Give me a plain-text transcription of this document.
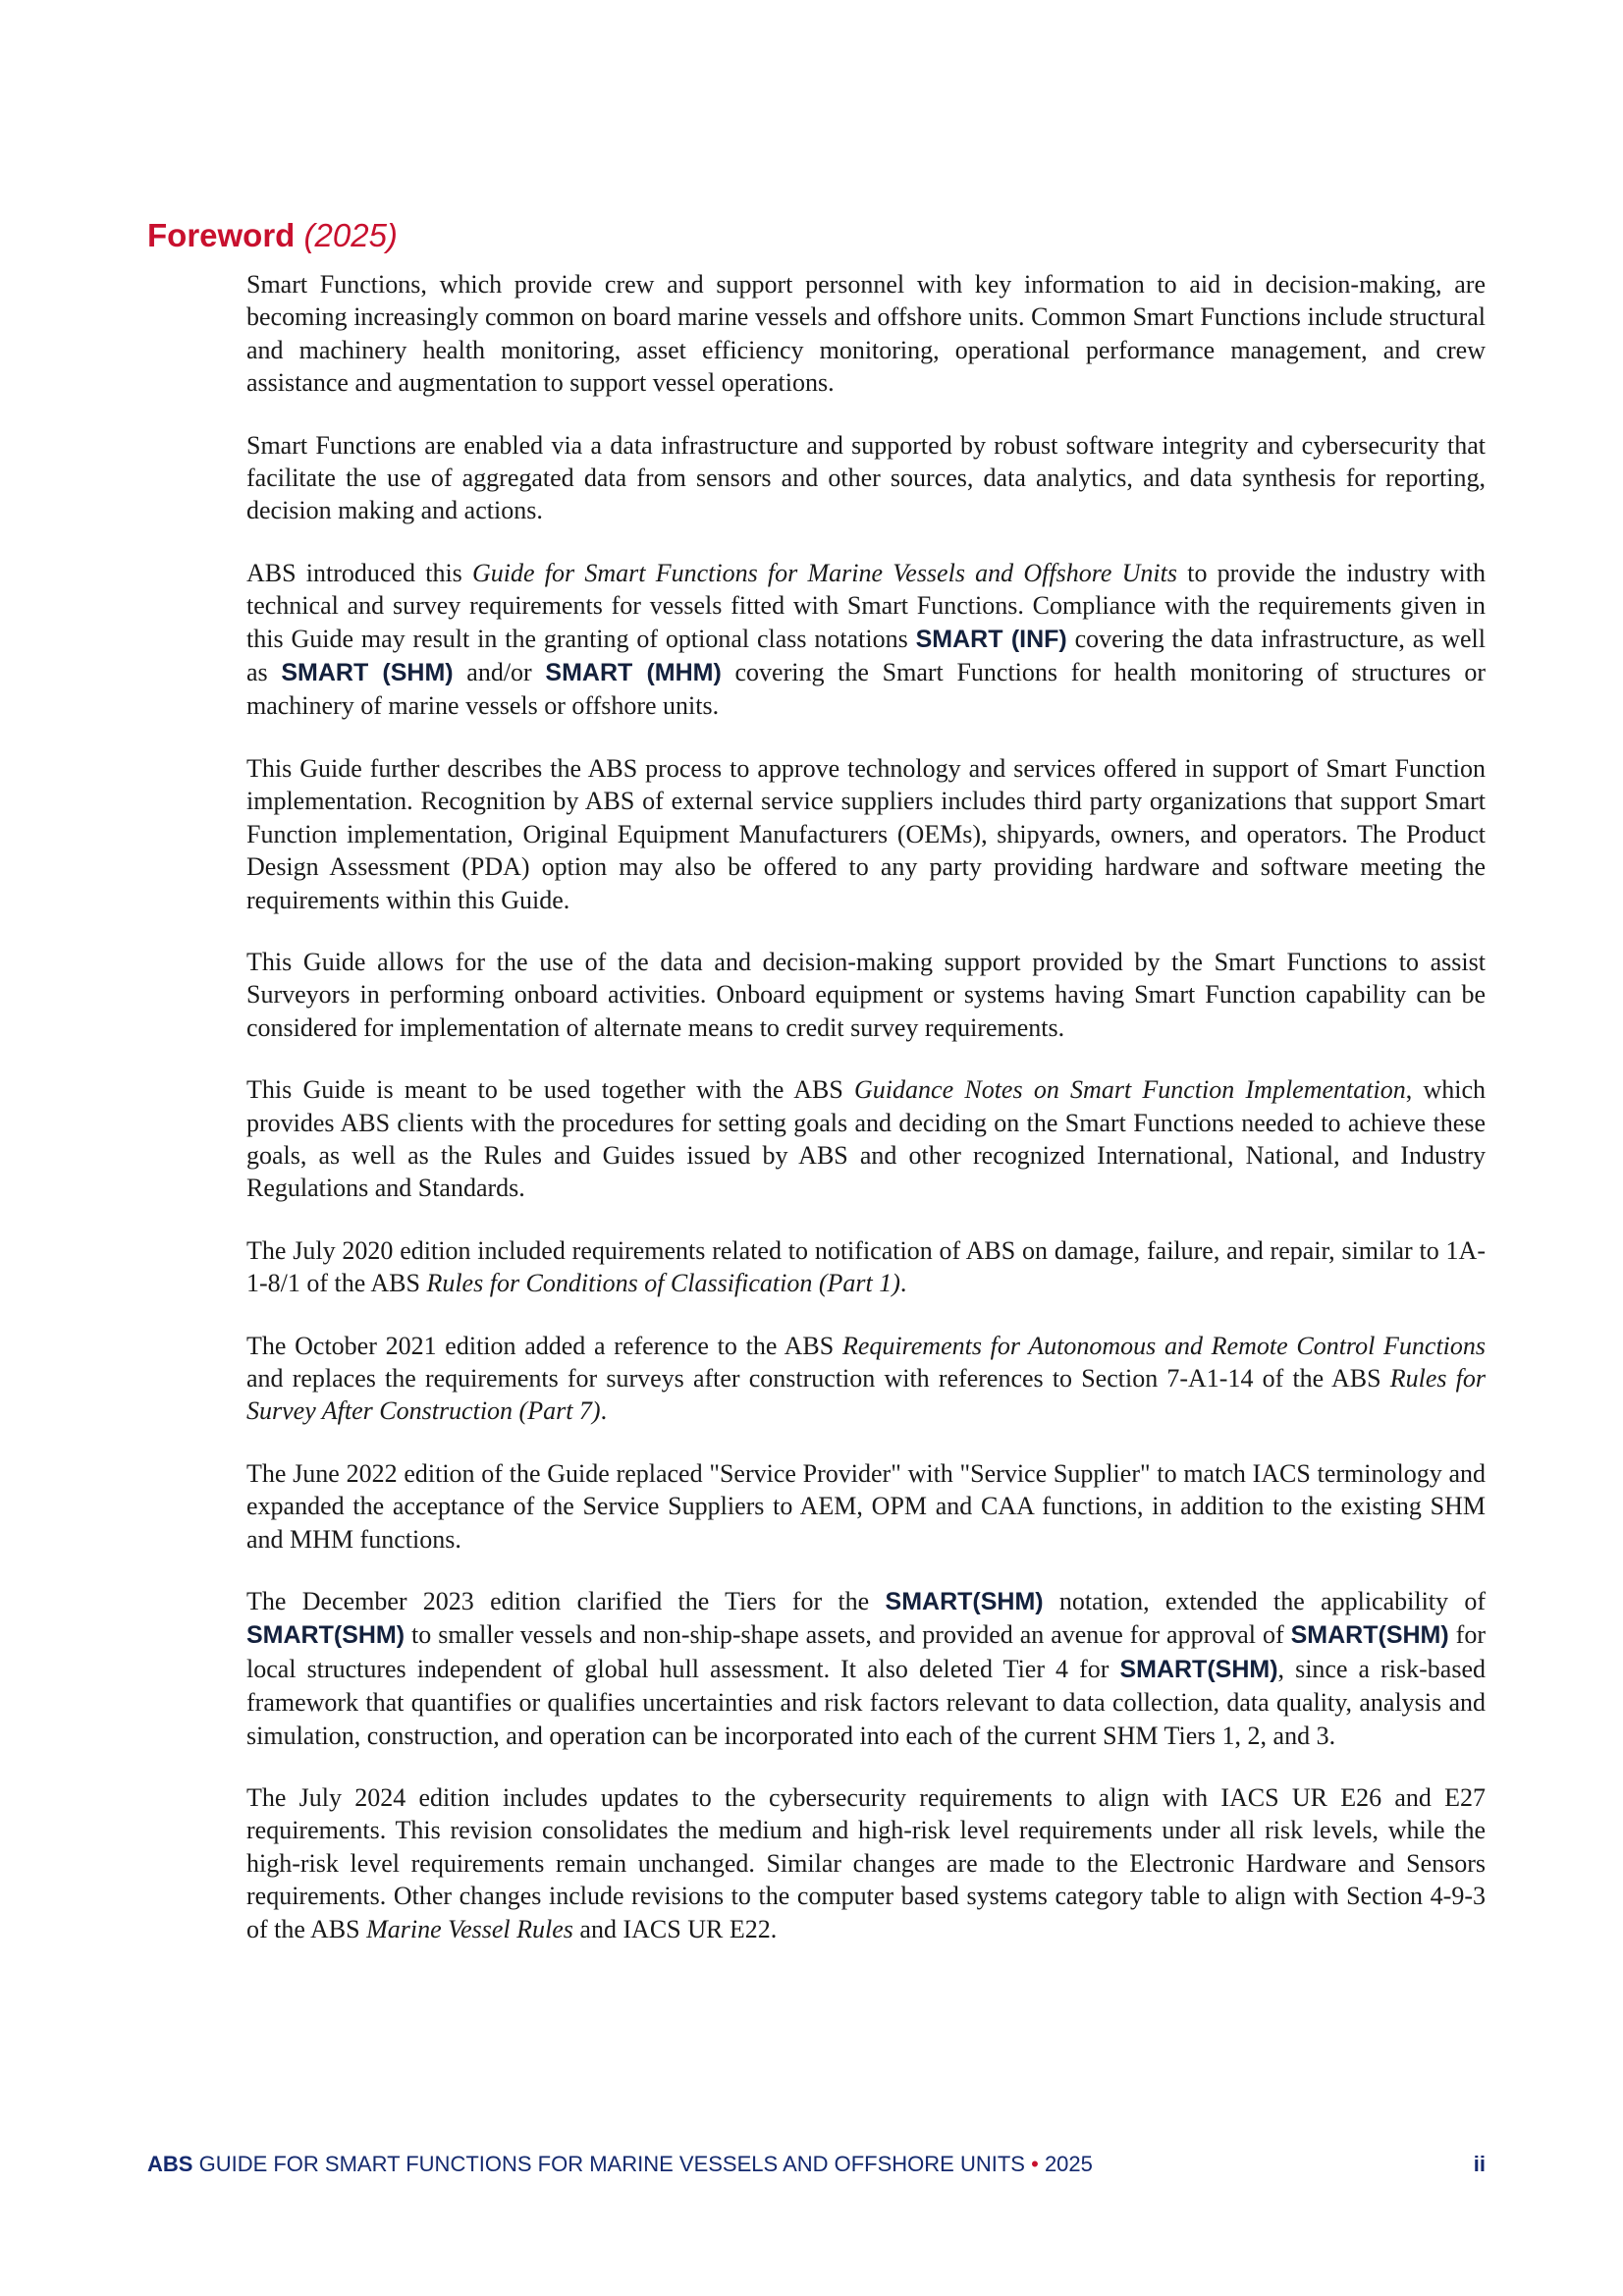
Foreword (2025)

Smart Functions, which provide crew and support personnel with key information to aid in decision-making, are becoming increasingly common on board marine vessels and offshore units. Common Smart Functions include structural and machinery health monitoring, asset efficiency monitoring, operational performance management, and crew assistance and augmentation to support vessel operations.

Smart Functions are enabled via a data infrastructure and supported by robust software integrity and cybersecurity that facilitate the use of aggregated data from sensors and other sources, data analytics, and data synthesis for reporting, decision making and actions.

ABS introduced this Guide for Smart Functions for Marine Vessels and Offshore Units to provide the industry with technical and survey requirements for vessels fitted with Smart Functions. Compliance with the requirements given in this Guide may result in the granting of optional class notations SMART (INF) covering the data infrastructure, as well as SMART (SHM) and/or SMART (MHM) covering the Smart Functions for health monitoring of structures or machinery of marine vessels or offshore units.

This Guide further describes the ABS process to approve technology and services offered in support of Smart Function implementation. Recognition by ABS of external service suppliers includes third party organizations that support Smart Function implementation, Original Equipment Manufacturers (OEMs), shipyards, owners, and operators. The Product Design Assessment (PDA) option may also be offered to any party providing hardware and software meeting the requirements within this Guide.

This Guide allows for the use of the data and decision-making support provided by the Smart Functions to assist Surveyors in performing onboard activities. Onboard equipment or systems having Smart Function capability can be considered for implementation of alternate means to credit survey requirements.

This Guide is meant to be used together with the ABS Guidance Notes on Smart Function Implementation, which provides ABS clients with the procedures for setting goals and deciding on the Smart Functions needed to achieve these goals, as well as the Rules and Guides issued by ABS and other recognized International, National, and Industry Regulations and Standards.

The July 2020 edition included requirements related to notification of ABS on damage, failure, and repair, similar to 1A-1-8/1 of the ABS Rules for Conditions of Classification (Part 1).

The October 2021 edition added a reference to the ABS Requirements for Autonomous and Remote Control Functions and replaces the requirements for surveys after construction with references to Section 7-A1-14 of the ABS Rules for Survey After Construction (Part 7).

The June 2022 edition of the Guide replaced "Service Provider" with "Service Supplier" to match IACS terminology and expanded the acceptance of the Service Suppliers to AEM, OPM and CAA functions, in addition to the existing SHM and MHM functions.

The December 2023 edition clarified the Tiers for the SMART(SHM) notation, extended the applicability of SMART(SHM) to smaller vessels and non-ship-shape assets, and provided an avenue for approval of SMART(SHM) for local structures independent of global hull assessment. It also deleted Tier 4 for SMART(SHM), since a risk-based framework that quantifies or qualifies uncertainties and risk factors relevant to data collection, data quality, analysis and simulation, construction, and operation can be incorporated into each of the current SHM Tiers 1, 2, and 3.

The July 2024 edition includes updates to the cybersecurity requirements to align with IACS UR E26 and E27 requirements. This revision consolidates the medium and high-risk level requirements under all risk levels, while the high-risk level requirements remain unchanged. Similar changes are made to the Electronic Hardware and Sensors requirements. Other changes include revisions to the computer based systems category table to align with Section 4-9-3 of the ABS Marine Vessel Rules and IACS UR E22.

ABS GUIDE FOR SMART FUNCTIONS FOR MARINE VESSELS AND OFFSHORE UNITS • 2025	ii
